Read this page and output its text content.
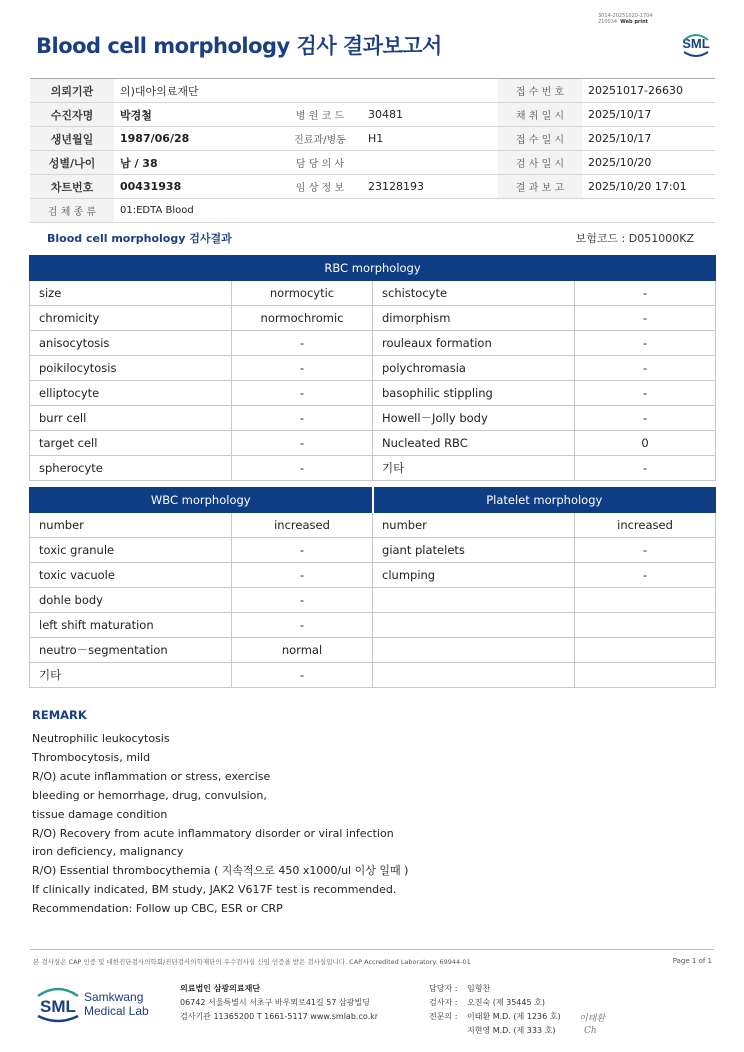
Blood cell morphology 검사 결과보고서
3014-20251020-1704
210034 Web print
SML
의뢰기관	의)대아의료재단			접 수 번 호	20251017-26630
수진자명	박경철	병 원 코 드	30481	채 취 일 시	2025/10/17
생년월일	1987/06/28	진료과/병동	H1	접 수 일 시	2025/10/17
성별/나이	남 / 38	담 당 의 사		검 사 일 시	2025/10/20
차트번호	00431938	임 상 정 보	23128193	결 과 보 고	2025/10/20 17:01
검 체 종 류	01:EDTA Blood				
Blood cell morphology 검사결과	보험코드 : D051000KZ
RBC morphology			
size	normocytic	schistocyte	-
chromicity	normochromic	dimorphism	-
anisocytosis	-	rouleaux formation	-
poikilocytosis	-	polychromasia	-
elliptocyte	-	basophilic stippling	-
burr cell	-	Howell－Jolly body	-
target cell	-	Nucleated RBC	0
spherocyte	-	기타	-
WBC morphology		Platelet morphology	
number	increased	number	increased
toxic granule	-	giant platelets	-
toxic vacuole	-	clumping	-
dohle body	-		
left shift maturation	-		
neutro－segmentation	normal		
기타	-		
REMARK
Neutrophilic leukocytosis
Thrombocytosis, mild
R/O) acute inflammation or stress, exercise
bleeding or hemorrhage, drug, convulsion,
tissue damage condition
R/O) Recovery from acute inflammatory disorder or viral infection
iron deficiency, malignancy
R/O) Essential thrombocythemia ( 지속적으로 450 x1000/ul 이상 일때 )
If clinically indicated, BM study, JAK2 V617F test is recommended.
Recommendation: Follow up CBC, ESR or CRP
본 검사실은 CAP 인증 및 대한진단검사의학회/진단검사의학재단의 우수검사실 신임 인증을 받은 검사실입니다. CAP Accredited Laboratory. 69944-01	Page 1 of 1
SML Samkwang
Medical Lab
의료법인 삼광의료재단
06742 서울특별시 서초구 바우뫼로41길 57 삼광빌딩
검사기관 11365200 T 1661-5117 www.smlab.co.kr
담당자 : 임형찬
검사자 : 오진숙 (제 35445 호)
전문의 : 이태환 M.D. (제 1236 호)
지현영 M.D. (제 333 호)
이태환
Ch
